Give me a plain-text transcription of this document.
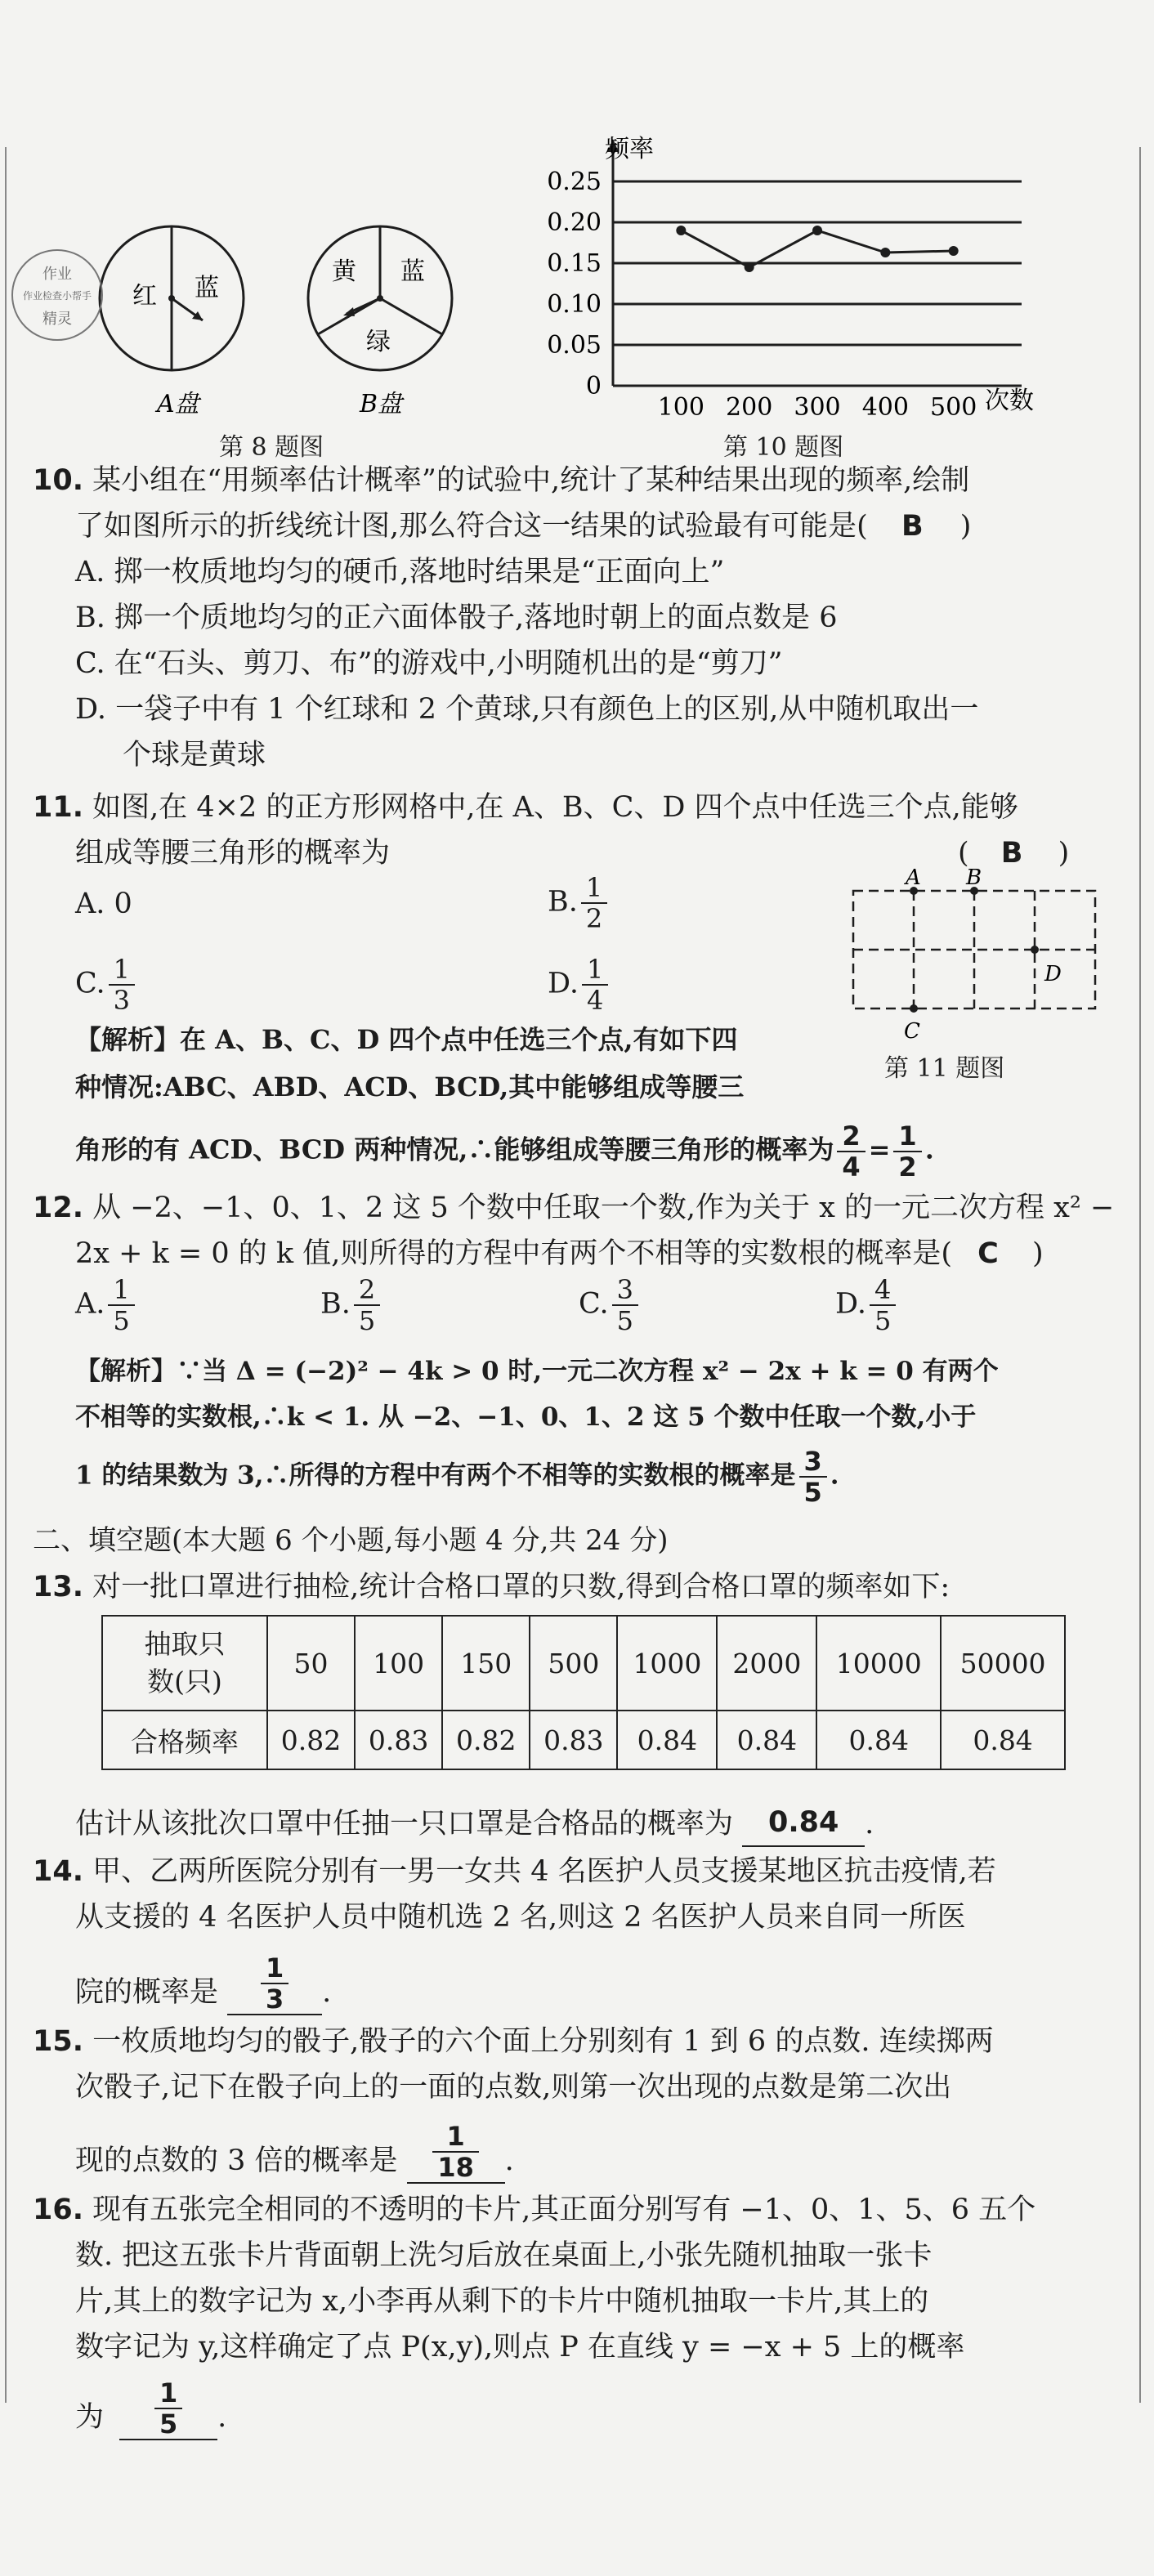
红 蓝
黄 蓝
绿
A盘	B盘
作业
作业检查小帮手
精灵
第 8 题图
0.25
0.20
0.15
0.10
0.05
0
100 200 300 400 500
频率
次数
第 10 题图
10. 某小组在“用频率估计概率”的试验中,统计了某种结果出现的频率,绘制
了如图所示的折线统计图,那么符合这一结果的试验最有可能是( B )
A. 掷一枚质地均匀的硬币,落地时结果是“正面向上”
B. 掷一个质地均匀的正六面体骰子,落地时朝上的面点数是 6
C. 在“石头、剪刀、布”的游戏中,小明随机出的是“剪刀”
D. 一袋子中有 1 个红球和 2 个黄球,只有颜色上的区别,从中随机取出一
个球是黄球
11. 如图,在 4×2 的正方形网格中,在 A、B、C、D 四个点中任选三个点,能够
组成等腰三角形的概率为	( B )
A. 0	B. $\frac{1}{2}$
C. $\frac{1}{3}$	D. $\frac{1}{4}$
A B
C
D
第 11 题图
【解析】在 A、B、C、D 四个点中任选三个点,有如下四
种情况:ABC、ABD、ACD、BCD,其中能够组成等腰三
角形的有 ACD、BCD 两种情况,∴能够组成等腰三角形的概率为 $\frac{2}{4} = \frac{1}{2}$ .
12. 从 −2、−1、0、1、2 这 5 个数中任取一个数,作为关于 x 的一元二次方程 x² −
2x + k = 0 的 k 值,则所得的方程中有两个不相等的实数根的概率是( C )
A. $\frac{1}{5}$	B. $\frac{2}{5}$	C. $\frac{3}{5}$	D. $\frac{4}{5}$
【解析】∵当 Δ = (−2)² − 4k > 0 时,一元二次方程 x² − 2x + k = 0 有两个
不相等的实数根,∴k < 1. 从 −2、−1、0、1、2 这 5 个数中任取一个数,小于
1 的结果数为 3,∴所得的方程中有两个不相等的实数根的概率是 $\frac{3}{5}$ .
二、填空题(本大题 6 个小题,每小题 4 分,共 24 分)
13. 对一批口罩进行抽检,统计合格口罩的只数,得到合格口罩的频率如下:
抽取只
数(只)	50	100	150	500	1000	2000	10000	50000
合格频率	0.82	0.83	0.82	0.83	0.84	0.84	0.84	0.84
估计从该批次口罩中任抽一只口罩是合格品的概率为 0.84 .
14. 甲、乙两所医院分别有一男一女共 4 名医护人员支援某地区抗击疫情,若
从支援的 4 名医护人员中随机选 2 名,则这 2 名医护人员来自同一所医
院的概率是 $\frac{1}{3}$ .
15. 一枚质地均匀的骰子,骰子的六个面上分别刻有 1 到 6 的点数. 连续掷两
次骰子,记下在骰子向上的一面的点数,则第一次出现的点数是第二次出
现的点数的 3 倍的概率是 $\frac{1}{18}$ .
16. 现有五张完全相同的不透明的卡片,其正面分别写有 −1、0、1、5、6 五个
数. 把这五张卡片背面朝上洗匀后放在桌面上,小张先随机抽取一张卡
片,其上的数字记为 x,小李再从剩下的卡片中随机抽取一卡片,其上的
数字记为 y,这样确定了点 P(x,y),则点 P 在直线 y = −x + 5 上的概率
为 $\frac{1}{5}$ .
